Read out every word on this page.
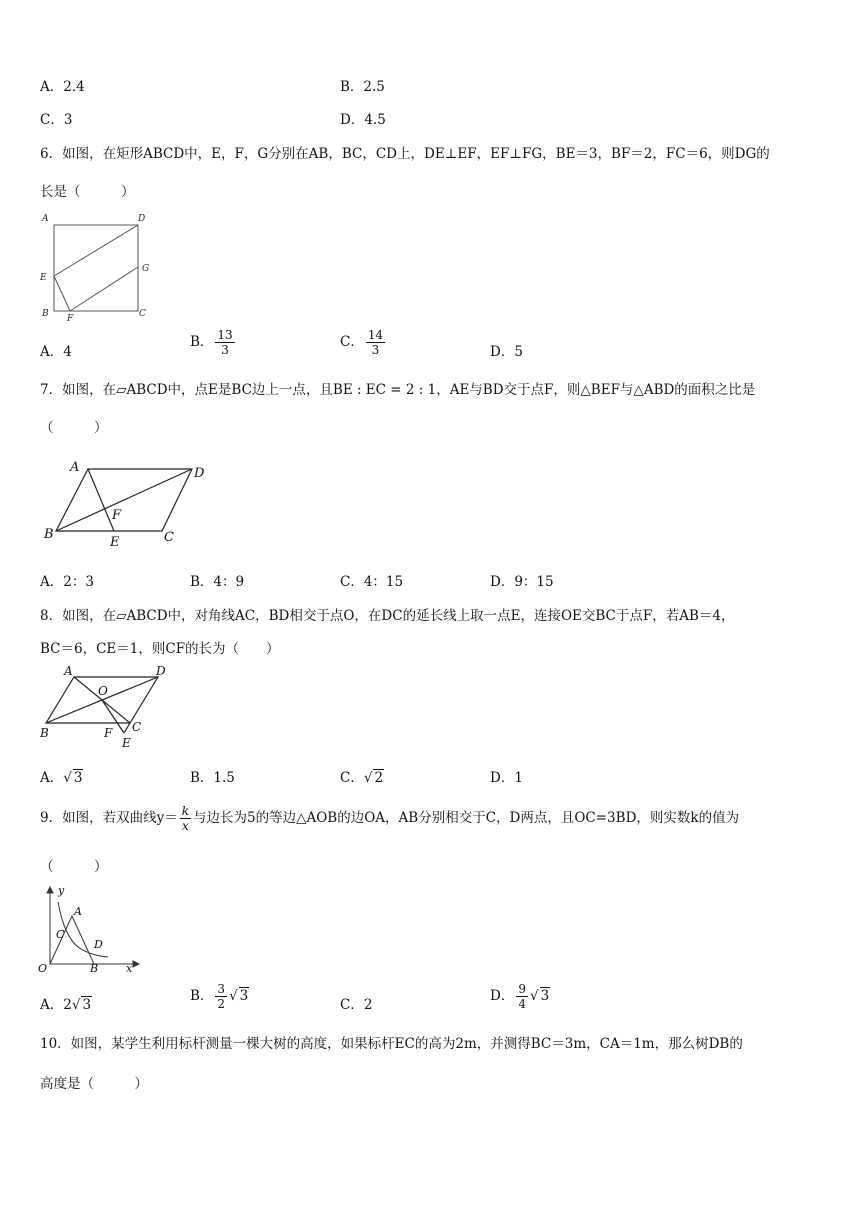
A．2.4	B．2.5
C．3	D．4.5
6．如图，在矩形ABCD中，E，F，G分别在AB，BC，CD上，DE⊥EF，EF⊥FG，BE＝3，BF＝2，FC＝6，则DG的
长是（　　　）
A	D
E
G
B F	C
A．4
B． $\frac{13}{3}$	C． $\frac{14}{3}$	D．5
7．如图，在▱ABCD中，点E是BC边上一点，且BE : EC = 2 : 1，AE与BD交于点F，则△BEF与△ABD的面积之比是
（　　　）
A	D
F
B
E	C
A．2：3	B．4：9	C．4：15	D．9：15
8．如图，在▱ABCD中，对角线AC，BD相交于点O，在DC的延长线上取一点E，连接OE交BC于点F，若AB＝4，
BC＝6，CE＝1，则CF的长为（　　）
A	D
O
B	F C
E
A．√ 3	B．1.5	C．√ 2	D．1
9．如图，若双曲线$y= \frac{k}{x}$ 与边长为5的等边△AOB的边OA，AB分别相交于C，D两点，且OC=3BD，则实数k的值为
（　　　）
y
A
C
D
O	B	x
A．2√ 3
B． $\frac{3}{2}$ √ 3
C．2
D． $\frac{9}{4}$ √ 3
10．如图，某学生利用标杆测量一棵大树的高度，如果标杆EC的高为2m，并测得BC＝3m，CA＝1m，那么树DB的
高度是（　　　）
